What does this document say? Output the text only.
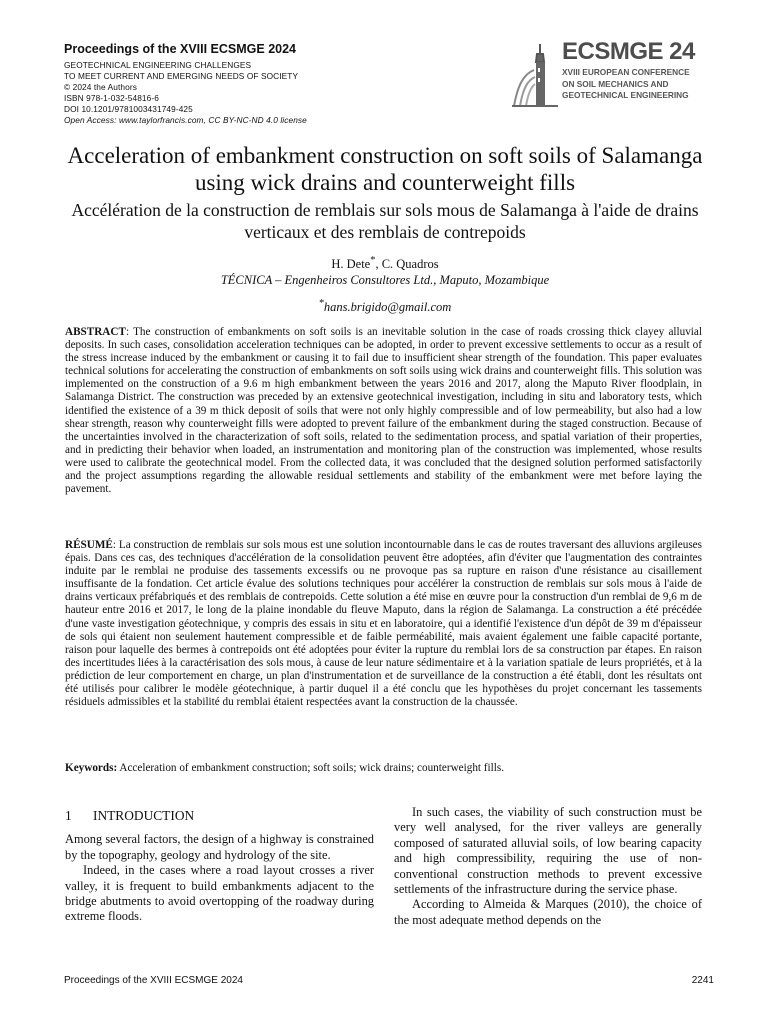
Proceedings of the XVIII ECSMGE 2024
GEOTECHNICAL ENGINEERING CHALLENGES
TO MEET CURRENT AND EMERGING NEEDS OF SOCIETY
© 2024 the Authors
ISBN 978-1-032-54816-6
DOI 10.1201/9781003431749-425
Open Access: www.taylorfrancis.com, CC BY-NC-ND 4.0 license
ECSMGE 24
XVIII EUROPEAN CONFERENCE
ON SOIL MECHANICS AND
GEOTECHNICAL ENGINEERING
Acceleration of embankment construction on soft soils of Salamanga using wick drains and counterweight fills
Accélération de la construction de remblais sur sols mous de Salamanga à l'aide de drains verticaux et des remblais de contrepoids
H. Dete*, C. Quadros
TÉCNICA – Engenheiros Consultores Ltd., Maputo, Mozambique
*hans.brigido@gmail.com
ABSTRACT: The construction of embankments on soft soils is an inevitable solution in the case of roads crossing thick clayey alluvial deposits. In such cases, consolidation acceleration techniques can be adopted, in order to prevent excessive settlements to occur as a result of the stress increase induced by the embankment or causing it to fail due to insufficient shear strength of the foundation. This paper evaluates technical solutions for accelerating the construction of embankments on soft soils using wick drains and counterweight fills. This solution was implemented on the construction of a 9.6 m high embankment between the years 2016 and 2017, along the Maputo River floodplain, in Salamanga District. The construction was preceded by an extensive geotechnical investigation, including in situ and laboratory tests, which identified the existence of a 39 m thick deposit of soils that were not only highly compressible and of low permeability, but also had a low shear strength, reason why counterweight fills were adopted to prevent failure of the embankment during the staged construction. Because of the uncertainties involved in the characterization of soft soils, related to the sedimentation process, and spatial variation of their properties, and in predicting their behavior when loaded, an instrumentation and monitoring plan of the construction was implemented, whose results were used to calibrate the geotechnical model. From the collected data, it was concluded that the designed solution performed satisfactorily and the project assumptions regarding the allowable residual settlements and stability of the embankment were met before laying the pavement.
RÉSUMÉ: La construction de remblais sur sols mous est une solution incontournable dans le cas de routes traversant des alluvions argileuses épais. Dans ces cas, des techniques d'accélération de la consolidation peuvent être adoptées, afin d'éviter que l'augmentation des contraintes induite par le remblai ne produise des tassements excessifs ou ne provoque pas sa rupture en raison d'une résistance au cisaillement insuffisante de la fondation. Cet article évalue des solutions techniques pour accélérer la construction de remblais sur sols mous à l'aide de drains verticaux préfabriqués et des remblais de contrepoids. Cette solution a été mise en œuvre pour la construction d'un remblai de 9,6 m de hauteur entre 2016 et 2017, le long de la plaine inondable du fleuve Maputo, dans la région de Salamanga. La construction a été précédée d'une vaste investigation géotechnique, y compris des essais in situ et en laboratoire, qui a identifié l'existence d'un dépôt de 39 m d'épaisseur de sols qui étaient non seulement hautement compressible et de faible perméabilité, mais avaient également une faible capacité portante, raison pour laquelle des bermes à contrepoids ont été adoptées pour éviter la rupture du remblai lors de sa construction par étapes. En raison des incertitudes liées à la caractérisation des sols mous, à cause de leur nature sédimentaire et à la variation spatiale de leurs propriétés, et à la prédiction de leur comportement en charge, un plan d'instrumentation et de surveillance de la construction a été établi, dont les résultats ont été utilisés pour calibrer le modèle géotechnique, à partir duquel il a été conclu que les hypothèses du projet concernant les tassements résiduels admissibles et la stabilité du remblai étaient respectées avant la construction de la chaussée.
Keywords: Acceleration of embankment construction; soft soils; wick drains; counterweight fills.
1 INTRODUCTION

Among several factors, the design of a highway is constrained by the topography, geology and hydrology of the site.

Indeed, in the cases where a road layout crosses a river valley, it is frequent to build embankments adjacent to the bridge abutments to avoid overtopping of the roadway during extreme floods.

In such cases, the viability of such construction must be very well analysed, for the river valleys are generally composed of saturated alluvial soils, of low bearing capacity and high compressibility, requiring the use of non-conventional construction methods to prevent excessive settlements of the infrastructure during the service phase.

According to Almeida & Marques (2010), the choice of the most adequate method depends on the

Proceedings of the XVIII ECSMGE 2024	2241
